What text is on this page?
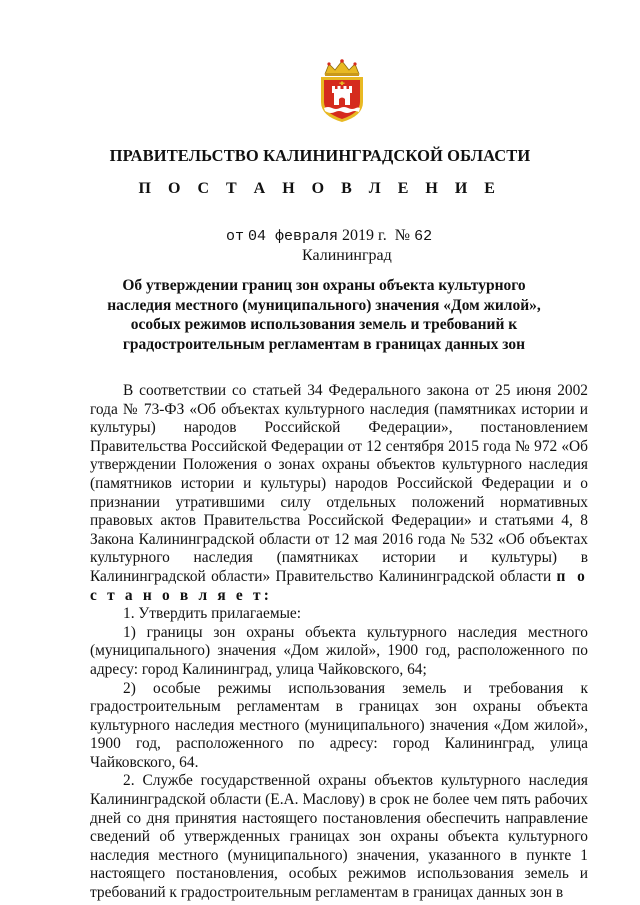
ПРАВИТЕЛЬСТВО КАЛИНИНГРАДСКОЙ ОБЛАСТИ
П О С Т А Н О В Л Е Н И Е
от 04 февраля 2019 г. № 62
Калининград
Об утверждении границ зон охраны объекта культурного наследия местного (муниципального) значения «Дом жилой», особых режимов использования земель и требований к градостроительным регламентам в границах данных зон

В соответствии со статьей 34 Федерального закона от 25 июня 2002 года № 73-ФЗ «Об объектах культурного наследия (памятниках истории и культуры) народов Российской Федерации», постановлением Правительства Российской Федерации от 12 сентября 2015 года № 972 «Об утверждении Положения о зонах охраны объектов культурного наследия (памятников истории и культуры) народов Российской Федерации и о признании утратившими силу отдельных положений нормативных правовых актов Правительства Российской Федерации» и статьями 4, 8 Закона Калининградской области от 12 мая 2016 года № 532 «Об объектах культурного наследия (памятниках истории и культуры) в Калининградской области» Правительство Калининградской области п о с т а н о в л я е т:

1. Утвердить прилагаемые:

1) границы зон охраны объекта культурного наследия местного (муниципального) значения «Дом жилой», 1900 год, расположенного по адресу: город Калининград, улица Чайковского, 64;

2) особые режимы использования земель и требования к градостроительным регламентам в границах зон охраны объекта культурного наследия местного (муниципального) значения «Дом жилой», 1900 год, расположенного по адресу: город Калининград, улица Чайковского, 64.

2. Службе государственной охраны объектов культурного наследия Калининградской области (Е.А. Маслову) в срок не более чем пять рабочих дней со дня принятия настоящего постановления обеспечить направление сведений об утвержденных границах зон охраны объекта культурного наследия местного (муниципального) значения, указанного в пункте 1 настоящего постановления, особых режимов использования земель и требований к градостроительным регламентам в границах данных зон в
